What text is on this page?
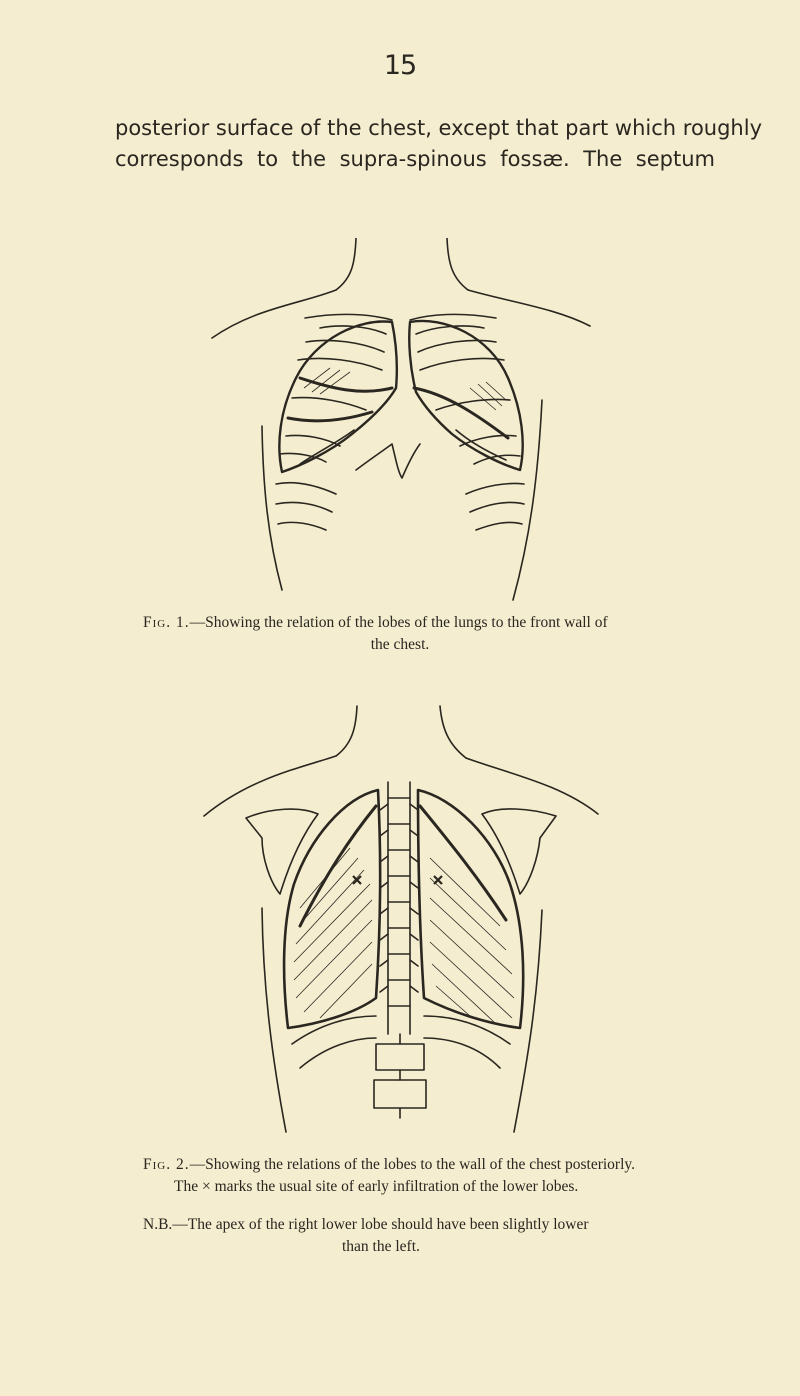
15
posterior surface of the chest, except that part which roughly
corresponds to the supra-spinous fossæ. The septum
Fig. 1.—Showing the relation of the lobes of the lungs to the front wall of
the chest.
Fig. 2.—Showing the relations of the lobes to the wall of the chest posteriorly.
The × marks the usual site of early infiltration of the lower lobes.
N.B.—The apex of the right lower lobe should have been slightly lower
than the left.
